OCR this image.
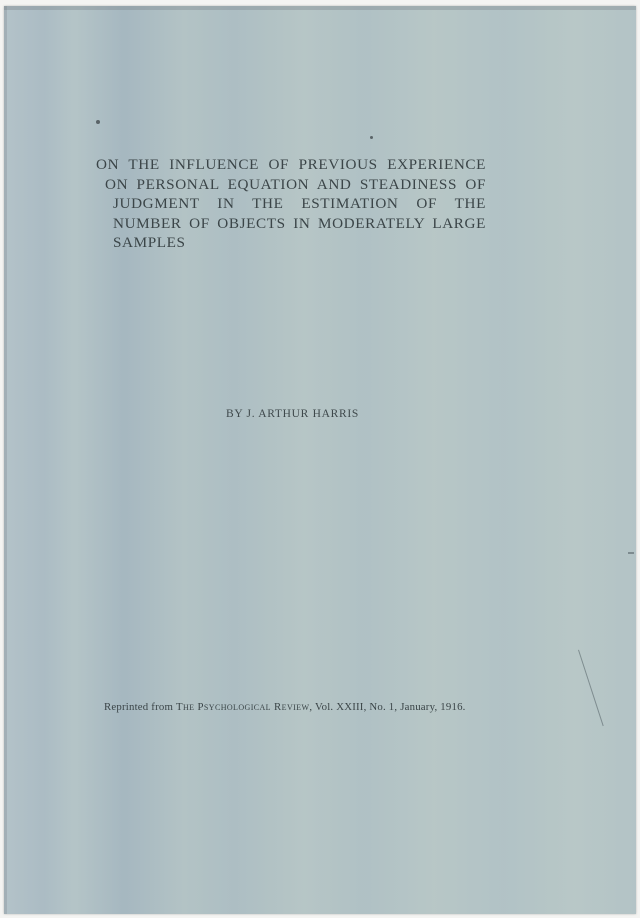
ON THE INFLUENCE OF PREVIOUS EXPERIENCE
ON PERSONAL EQUATION AND STEADINESS OF
JUDGMENT IN THE ESTIMATION OF THE
NUMBER OF OBJECTS IN MODERATELY LARGE
SAMPLES

BY J. ARTHUR HARRIS

Reprinted from The Psychological Review, Vol. XXIII, No. 1, January, 1916.
